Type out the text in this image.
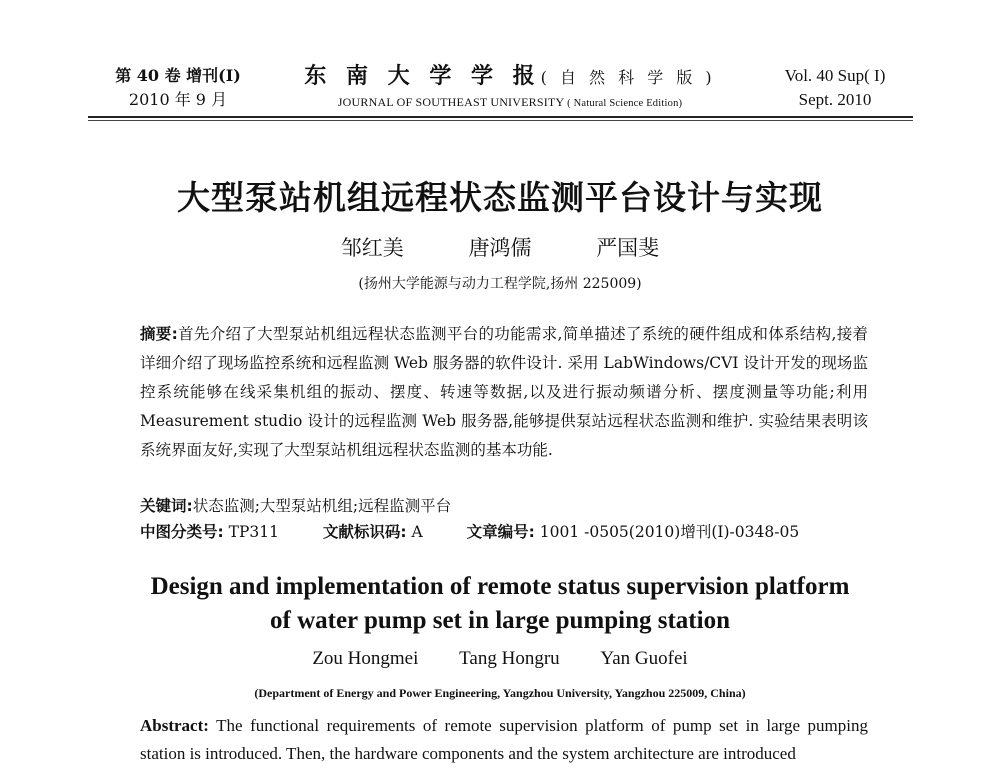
第 40 卷 增刊(I)
2010 年 9 月
东 南 大 学 学 报( 自 然 科 学 版 )
JOURNAL OF SOUTHEAST UNIVERSITY ( Natural Science Edition)
Vol. 40 Sup( I)
Sept. 2010
大型泵站机组远程状态监测平台设计与实现
邹红美	唐鸿儒	严国斐
(扬州大学能源与动力工程学院,扬州 225009)
摘要:首先介绍了大型泵站机组远程状态监测平台的功能需求,简单描述了系统的硬件组成和体系结构,接着详细介绍了现场监控系统和远程监测 Web 服务器的软件设计. 采用 LabWindows/CVI 设计开发的现场监控系统能够在线采集机组的振动、摆度、转速等数据,以及进行振动频谱分析、摆度测量等功能;利用 Measurement studio 设计的远程监测 Web 服务器,能够提供泵站远程状态监测和维护. 实验结果表明该系统界面友好,实现了大型泵站机组远程状态监测的基本功能.
关键词:状态监测;大型泵站机组;远程监测平台
中图分类号: TP311	文献标识码: A	文章编号: 1001 -0505(2010)增刊(I)-0348-05
Design and implementation of remote status supervision platform
of water pump set in large pumping station
Zou Hongmei Tang Hongru Yan Guofei
(Department of Energy and Power Engineering, Yangzhou University, Yangzhou 225009, China)
Abstract: The functional requirements of remote supervision platform of pump set in large pumping station is introduced. Then, the hardware components and the system architecture are introduced
